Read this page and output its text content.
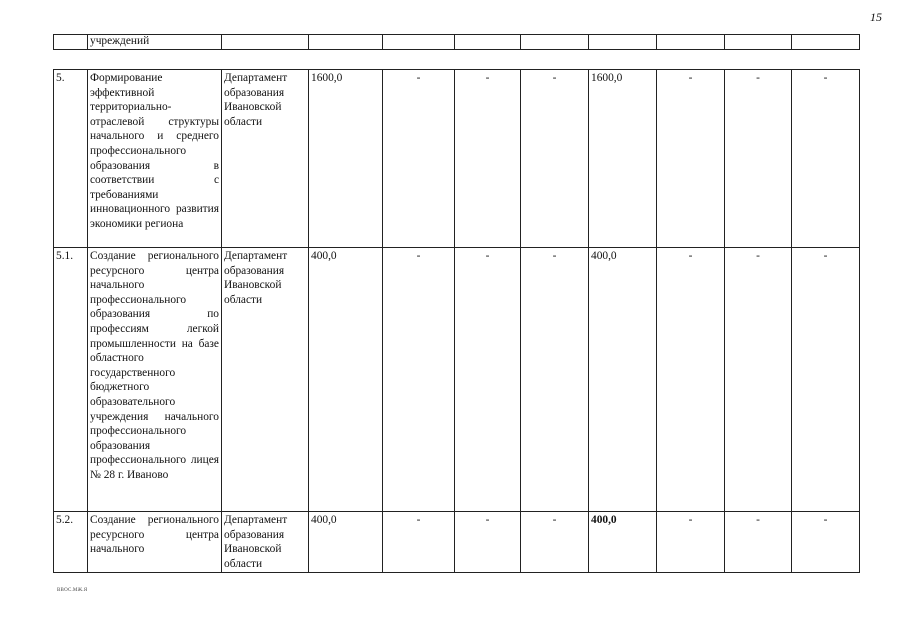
15
	учреждений									
5.	Формирование эффективной территориально-отраслевой структуры начального и среднего профессионального образования в соответствии с требованиями инновационного развития экономики региона	Департамент образования Ивановской области	1600,0	-	-	-	1600,0	-	-	-
5.1.	Создание регионального ресурсного центра начального профессионального образования по профессиям легкой промышленности на базе областного государственного бюджетного образовательного учреждения начального профессионального образования профессионального лицея № 28 г. Иваново	Департамент образования Ивановской области	400,0	-	-	-	400,0	-	-	-
5.2.	Создание регионального ресурсного центра начального	Департамент образования Ивановской области	400,0	-	-	-	400,0	-	-	-
ВВОС.MЖ.Я
